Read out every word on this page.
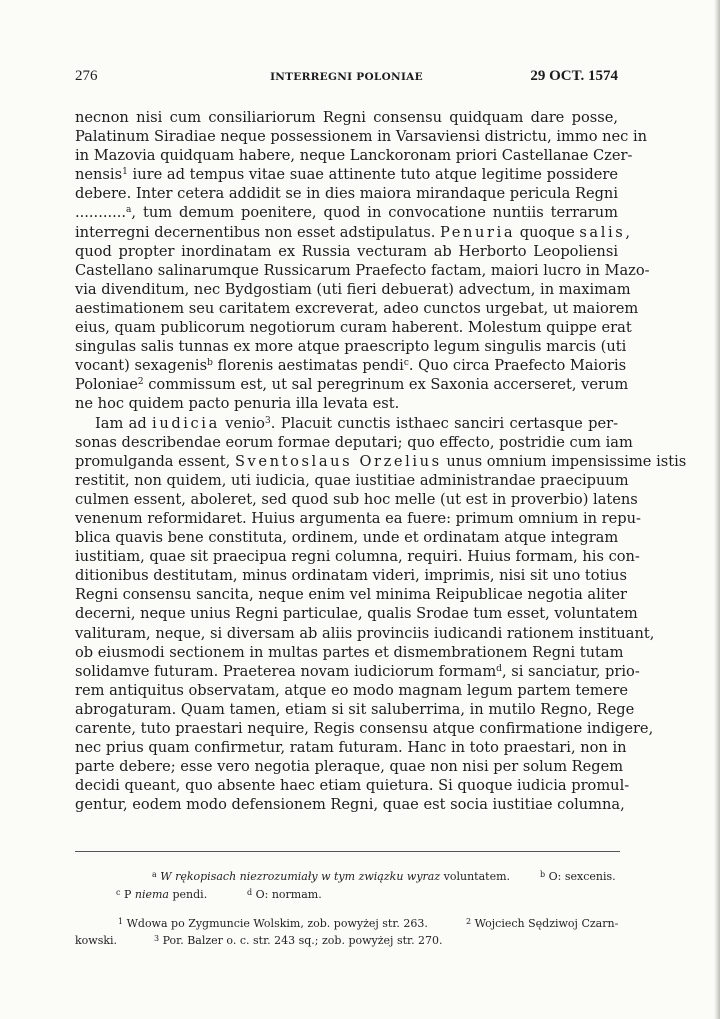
276	INTERREGNI POLONIAE	29 OCT. 1574
necnon nisi cum consiliariorum Regni consensu quidquam dare posse,
Palatinum Siradiae neque possessionem in Varsaviensi districtu, immo nec in
in Mazovia quidquam habere, neque Lanckoronam priori Castellanae Czer-
nensis$^1$ iure ad tempus vitae suae attinente tuto atque legitime possidere
debere. Inter cetera addidit se in dies maiora mirandaque pericula Regni
...........$^a$, tum demum poenitere, quod in convocatione nuntiis terrarum
interregni decernentibus non esset adstipulatus. Penuria quoque salis,
quod propter inordinatam ex Russia vecturam ab Herborto Leopoliensi
Castellano salinarumque Russicarum Praefecto factam, maiori lucro in Mazo-
via divenditum, nec Bydgostiam (uti fieri debuerat) advectum, in maximam
aestimationem seu caritatem excreverat, adeo cunctos urgebat, ut maiorem
eius, quam publicorum negotiorum curam haberent. Molestum quippe erat
singulas salis tunnas ex more atque praescripto legum singulis marcis (uti
vocant) sexagenis$^b$ florenis aestimatas pendi$^c$. Quo circa Praefecto Maioris
Poloniae$^2$ commissum est, ut sal peregrinum ex Saxonia accerseret, verum
ne hoc quidem pacto penuria illa levata est.
Iam ad iudicia venio$^3$. Placuit cunctis isthaec sanciri certasque per-
sonas describendae eorum formae deputari; quo effecto, postridie cum iam
promulganda essent, Sventoslaus Orzelius unus omnium impensissime istis
restitit, non quidem, uti iudicia, quae iustitiae administrandae praecipuum
culmen essent, aboleret, sed quod sub hoc melle (ut est in proverbio) latens
venenum reformidaret. Huius argumenta ea fuere: primum omnium in repu-
blica quavis bene constituta, ordinem, unde et ordinatam atque integram
iustitiam, quae sit praecipua regni columna, requiri. Huius formam, his con-
ditionibus destitutam, minus ordinatam videri, imprimis, nisi sit uno totius
Regni consensu sancita, neque enim vel minima Reipublicae negotia aliter
decerni, neque unius Regni particulae, qualis Srodae tum esset, voluntatem
valituram, neque, si diversam ab aliis provinciis iudicandi rationem instituant,
ob eiusmodi sectionem in multas partes et dismembrationem Regni tutam
solidamve futuram. Praeterea novam iudiciorum formam$^d$, si sanciatur, prio-
rem antiquitus observatam, atque eo modo magnam legum partem temere
abrogaturam. Quam tamen, etiam si sit saluberrima, in mutilo Regno, Rege
carente, tuto praestari nequire, Regis consensu atque confirmatione indigere,
nec prius quam confirmetur, ratam futuram. Hanc in toto praestari, non in
parte debere; esse vero negotia pleraque, quae non nisi per solum Regem
decidi queant, quo absente haec etiam quietura. Si quoque iudicia promul-
gentur, eodem modo defensionem Regni, quae est socia iustitiae columna,
$^a$ W rękopisach niezrozumiały w tym związku wyraz voluntatem.	$^b$ O: sexcenis.
$^c$ P niema pendi.	$^d$ O: normam.
$^1$ Wdowa po Zygmuncie Wolskim, zob. powyżej str. 263.	$^2$ Wojciech Sędziwoj Czarn-
kowski.	$^3$ Por. Balzer o. c. str. 243 sq.; zob. powyżej str. 270.
